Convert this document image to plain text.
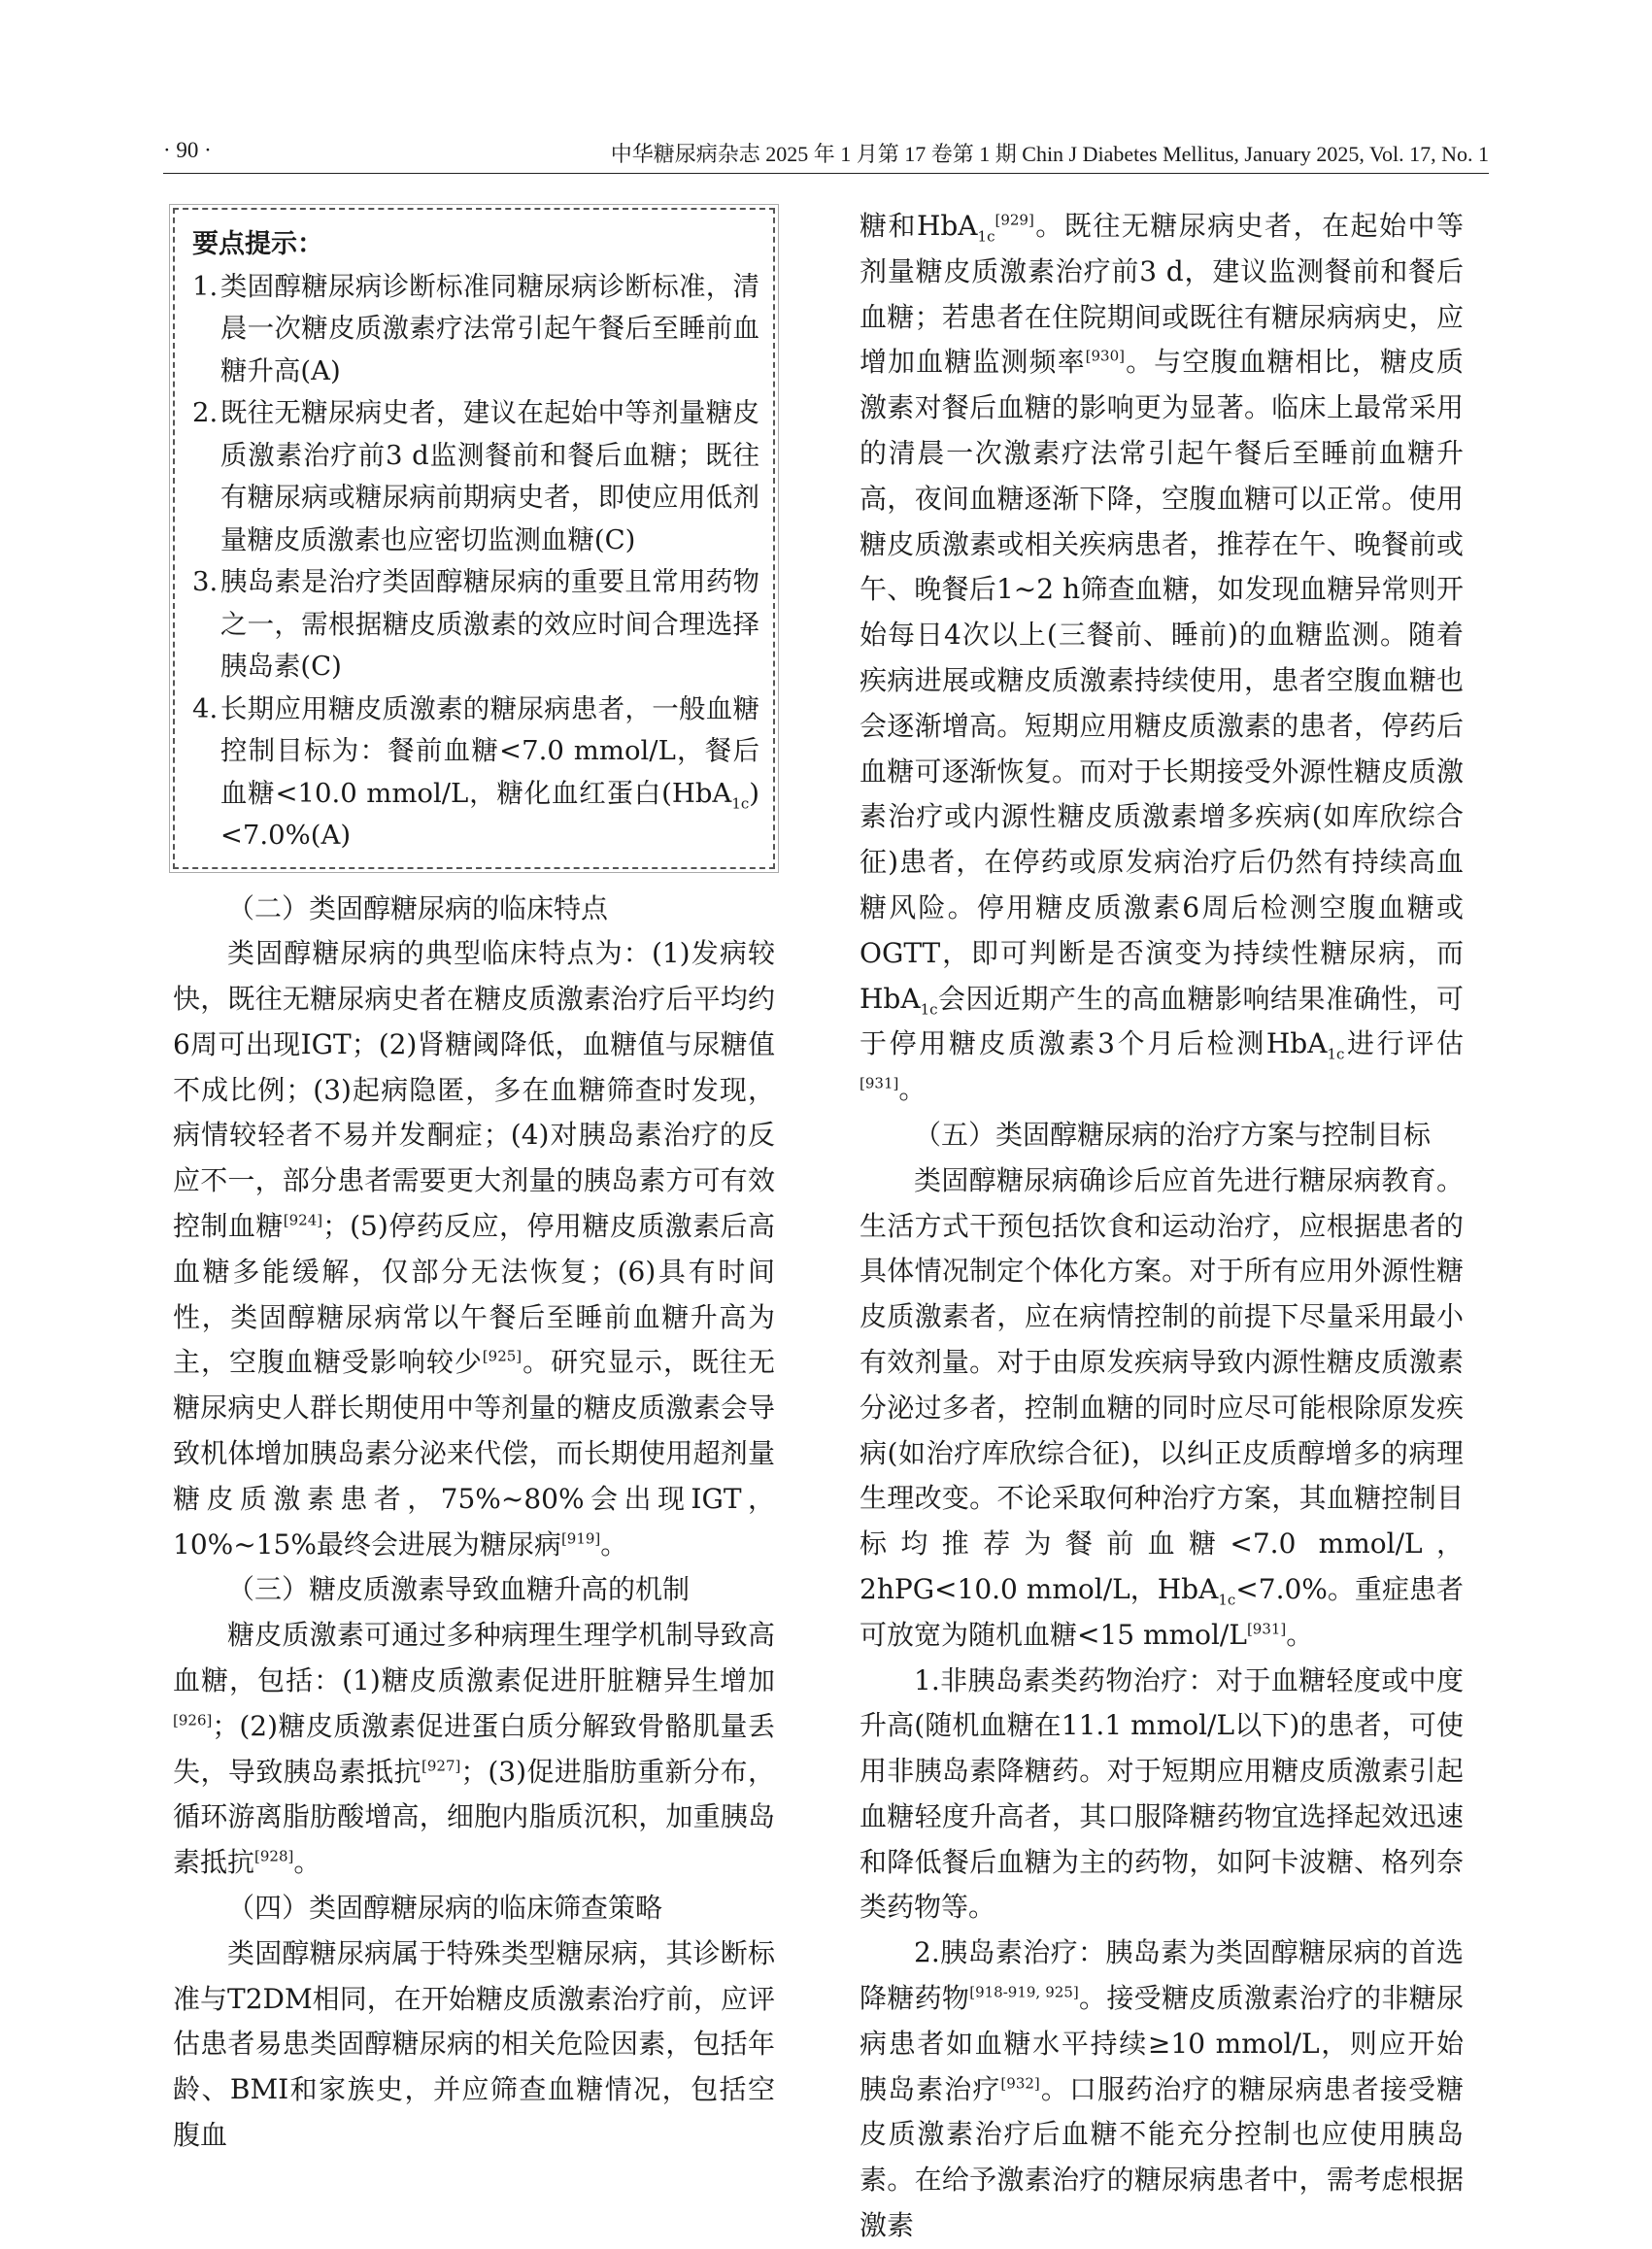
· 90 ·	中华糖尿病杂志 2025 年 1 月第 17 卷第 1 期 Chin J Diabetes Mellitus, January 2025, Vol. 17, No. 1
要点提示：
1. 类固醇糖尿病诊断标准同糖尿病诊断标准，清晨一次糖皮质激素疗法常引起午餐后至睡前血糖升高(A)
2. 既往无糖尿病史者，建议在起始中等剂量糖皮质激素治疗前3 d监测餐前和餐后血糖；既往有糖尿病或糖尿病前期病史者，即使应用低剂量糖皮质激素也应密切监测血糖(C)
3. 胰岛素是治疗类固醇糖尿病的重要且常用药物之一，需根据糖皮质激素的效应时间合理选择胰岛素(C)
4. 长期应用糖皮质激素的糖尿病患者，一般血糖控制目标为：餐前血糖<7.0 mmol/L，餐后血糖<10.0 mmol/L，糖化血红蛋白(HbA$_{1c}$)<7.0%(A)
（二）类固醇糖尿病的临床特点

类固醇糖尿病的典型临床特点为：(1)发病较快，既往无糖尿病史者在糖皮质激素治疗后平均约6周可出现IGT；(2)肾糖阈降低，血糖值与尿糖值不成比例；(3)起病隐匿，多在血糖筛查时发现，病情较轻者不易并发酮症；(4)对胰岛素治疗的反应不一，部分患者需要更大剂量的胰岛素方可有效控制血糖[924]；(5)停药反应，停用糖皮质激素后高血糖多能缓解，仅部分无法恢复；(6)具有时间性，类固醇糖尿病常以午餐后至睡前血糖升高为主，空腹血糖受影响较少[925]。研究显示，既往无糖尿病史人群长期使用中等剂量的糖皮质激素会导致机体增加胰岛素分泌来代偿，而长期使用超剂量糖皮质激素患者，75%~80%会出现IGT，10%~15%最终会进展为糖尿病[919]。

（三）糖皮质激素导致血糖升高的机制

糖皮质激素可通过多种病理生理学机制导致高血糖，包括：(1)糖皮质激素促进肝脏糖异生增加[926]；(2)糖皮质激素促进蛋白质分解致骨骼肌量丢失，导致胰岛素抵抗[927]；(3)促进脂肪重新分布，循环游离脂肪酸增高，细胞内脂质沉积，加重胰岛素抵抗[928]。

（四）类固醇糖尿病的临床筛查策略

类固醇糖尿病属于特殊类型糖尿病，其诊断标准与T2DM相同，在开始糖皮质激素治疗前，应评估患者易患类固醇糖尿病的相关危险因素，包括年龄、BMI和家族史，并应筛查血糖情况，包括空腹血

糖和HbA$_{1c}$[929]。既往无糖尿病史者，在起始中等剂量糖皮质激素治疗前3 d，建议监测餐前和餐后血糖；若患者在住院期间或既往有糖尿病病史，应增加血糖监测频率[930]。与空腹血糖相比，糖皮质激素对餐后血糖的影响更为显著。临床上最常采用的清晨一次激素疗法常引起午餐后至睡前血糖升高，夜间血糖逐渐下降，空腹血糖可以正常。使用糖皮质激素或相关疾病患者，推荐在午、晚餐前或午、晚餐后1~2 h筛查血糖，如发现血糖异常则开始每日4次以上(三餐前、睡前)的血糖监测。随着疾病进展或糖皮质激素持续使用，患者空腹血糖也会逐渐增高。短期应用糖皮质激素的患者，停药后血糖可逐渐恢复。而对于长期接受外源性糖皮质激素治疗或内源性糖皮质激素增多疾病(如库欣综合征)患者，在停药或原发病治疗后仍然有持续高血糖风险。停用糖皮质激素6周后检测空腹血糖或OGTT，即可判断是否演变为持续性糖尿病，而HbA$_{1c}$会因近期产生的高血糖影响结果准确性，可于停用糖皮质激素3个月后检测HbA$_{1c}$进行评估[931]。

（五）类固醇糖尿病的治疗方案与控制目标

类固醇糖尿病确诊后应首先进行糖尿病教育。生活方式干预包括饮食和运动治疗，应根据患者的具体情况制定个体化方案。对于所有应用外源性糖皮质激素者，应在病情控制的前提下尽量采用最小有效剂量。对于由原发疾病导致内源性糖皮质激素分泌过多者，控制血糖的同时应尽可能根除原发疾病(如治疗库欣综合征)，以纠正皮质醇增多的病理生理改变。不论采取何种治疗方案，其血糖控制目标均推荐为餐前血糖<7.0 mmol/L，2hPG<10.0 mmol/L，HbA$_{1c}$<7.0%。重症患者可放宽为随机血糖<15 mmol/L[931]。

1.非胰岛素类药物治疗：对于血糖轻度或中度升高(随机血糖在11.1 mmol/L以下)的患者，可使用非胰岛素降糖药。对于短期应用糖皮质激素引起血糖轻度升高者，其口服降糖药物宜选择起效迅速和降低餐后血糖为主的药物，如阿卡波糖、格列奈类药物等。

2.胰岛素治疗：胰岛素为类固醇糖尿病的首选降糖药物[918-919, 925]。接受糖皮质激素治疗的非糖尿病患者如血糖水平持续≥10 mmol/L，则应开始胰岛素治疗[932]。口服药治疗的糖尿病患者接受糖皮质激素治疗后血糖不能充分控制也应使用胰岛素。在给予激素治疗的糖尿病患者中，需考虑根据激素
